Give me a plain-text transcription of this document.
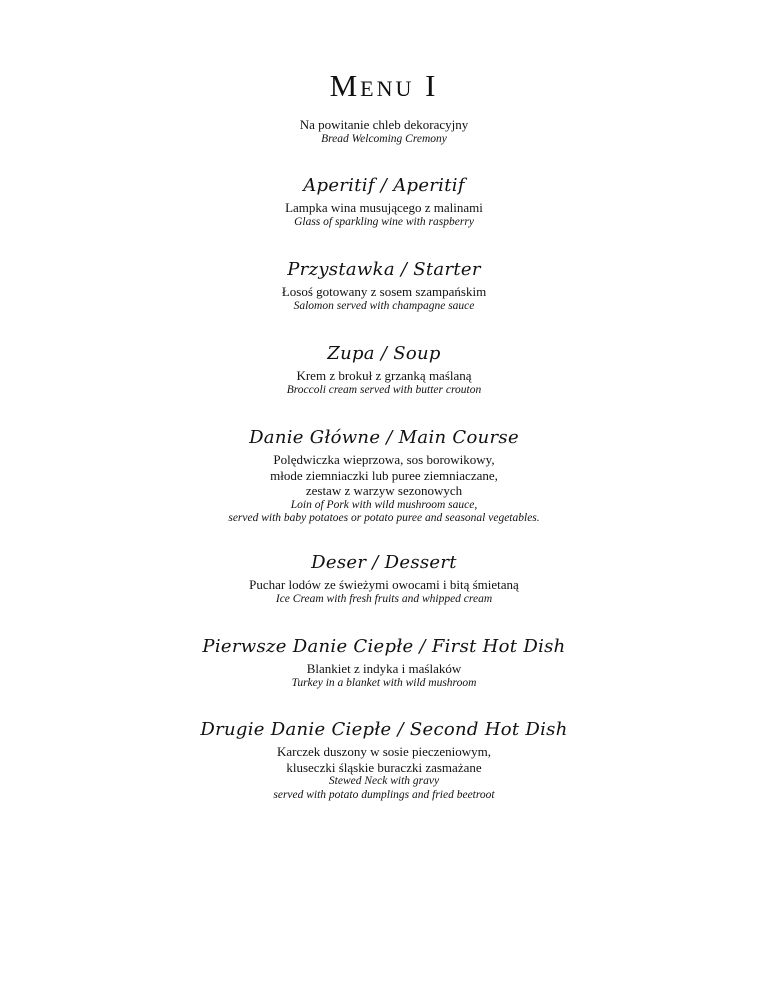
Menu I

Na powitanie chleb dekoracyjny

Bread Welcoming Cremony

Aperitif / Aperitif

Lampka wina musującego z malinami

Glass of sparkling wine with raspberry

Przystawka / Starter

Łosoś gotowany z sosem szampańskim

Salomon served with champagne sauce

Zupa / Soup

Krem z brokuł z grzanką maślaną

Broccoli cream served with butter crouton

Danie Główne / Main Course

Polędwiczka wieprzowa, sos borowikowy,

młode ziemniaczki lub puree ziemniaczane,

zestaw z warzyw sezonowych

Loin of Pork with wild mushroom sauce,

served with baby potatoes or potato puree and seasonal vegetables.

Deser / Dessert

Puchar lodów ze świeżymi owocami i bitą śmietaną

Ice Cream with fresh fruits and whipped cream

Pierwsze Danie Ciepłe / First Hot Dish

Blankiet z indyka i maślaków

Turkey in a blanket with wild mushroom

Drugie Danie Ciepłe / Second Hot Dish

Karczek duszony w sosie pieczeniowym,

kluseczki śląskie buraczki zasmażane

Stewed Neck with gravy

served with potato dumplings and fried beetroot
